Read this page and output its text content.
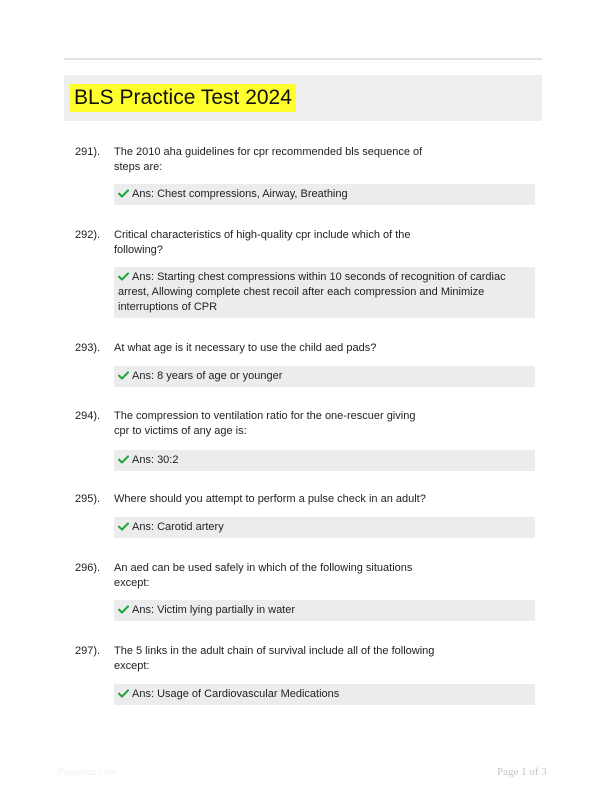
BLS Practice Test 2024
291). The 2010 aha guidelines for cpr recommended bls sequence of steps are:
Ans: Chest compressions, Airway, Breathing
292). Critical characteristics of high-quality cpr include which of the following?
Ans: Starting chest compressions within 10 seconds of recognition of cardiac arrest, Allowing complete chest recoil after each compression and Minimize interruptions of CPR
293). At what age is it necessary to use the child aed pads?
Ans: 8 years of age or younger
294). The compression to ventilation ratio for the one-rescuer giving cpr to victims of any age is:
Ans: 30:2
295). Where should you attempt to perform a pulse check in an adult?
Ans: Carotid artery
296). An aed can be used safely in which of the following situations except:
Ans: Victim lying partially in water
297). The 5 links in the adult chain of survival include all of the following except:
Ans: Usage of Cardiovascular Medications
Paperdoc.com	Page 1 of 3
